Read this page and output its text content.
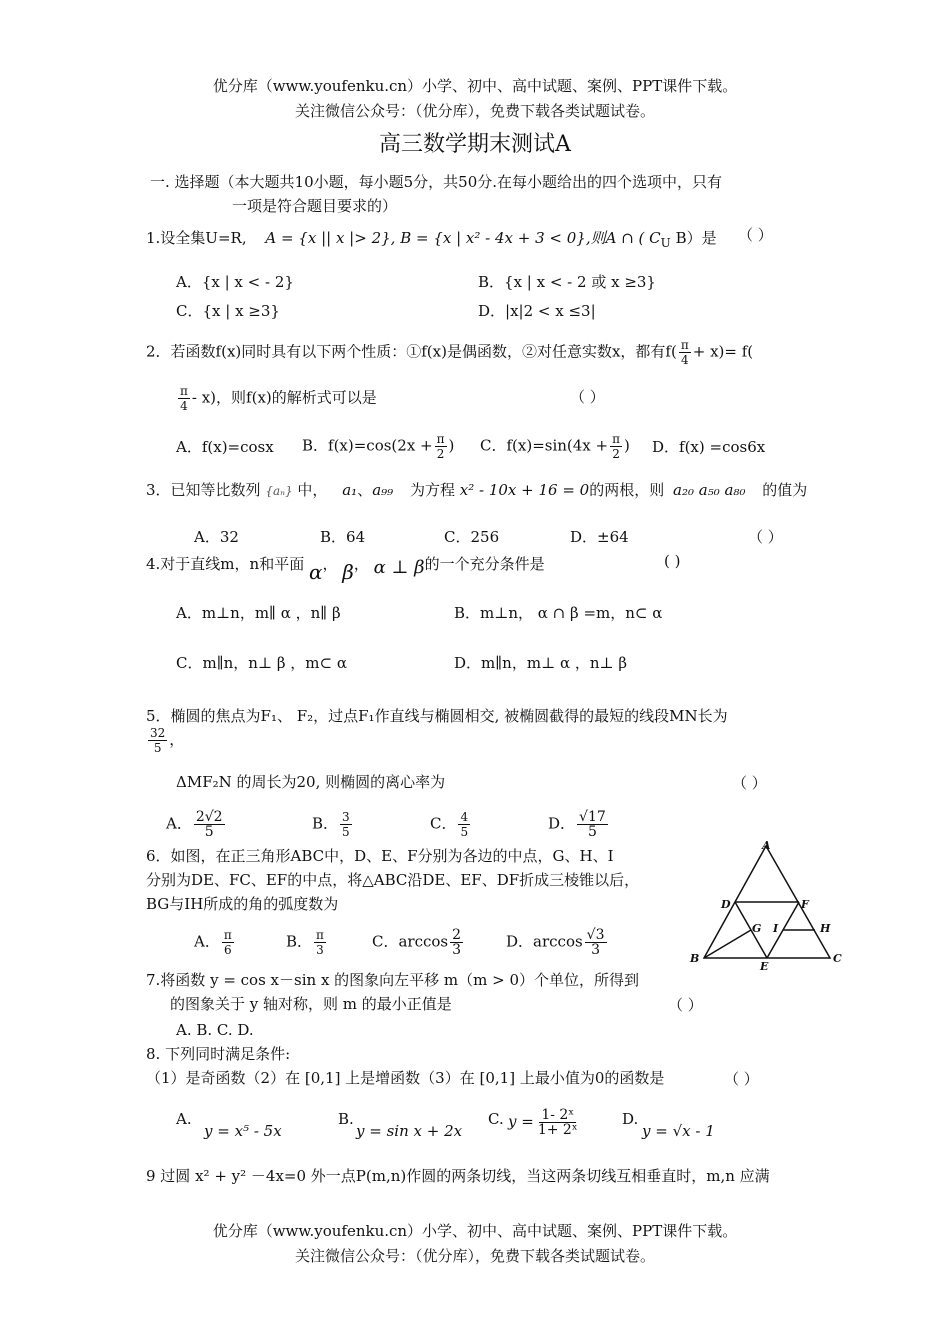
优分库（www.youfenku.cn）小学、初中、高中试题、案例、PPT课件下载。
关注微信公众号：（优分库），免费下载各类试题试卷。
高三数学期末测试A
一. 选择题（本大题共10小题，每小题5分，共50分.在每小题给出的四个选项中，只有
一项是符合题目要求的）
1.设全集U=R, A = {x || x |> 2}, B = {x | x² - 4x + 3 < 0},则A ∩ ( $C_U$ B）是 （ ）
A．{x | x < - 2}	B．{x | x < - 2 或 x ≥3}
C．{x | x ≥3}	D．|x|2 < x ≤3|
2．若函数f(x)同时具有以下两个性质：①f(x)是偶函数，②对任意实数x，都有$f( \frac{\pi}{4} + x)= f$(
$\frac{\pi}{4} - x$)，则f(x)的解析式可以是	（ ）
A．f(x)=cosx B．$f(x)=\cos(2x + \frac{\pi}{2}$ ) C．$f(x)=\sin(4x + \frac{\pi}{2}$ ) D．f(x) =cos6x
3．已知等比数列 {aₙ} 中， a₁、a₉₉ 为方程 x² - 10x + 16 = 0的两根，则 a₂₀ a₅₀ a₈₀ 的值为
A．32	B．64	C．256	D．±64	（ ）
4.对于直线m，n和平面 α， β， α ⊥ β的一个充分条件是	( )
A．m⊥n，m∥ α ，n∥ β	B．m⊥n， α ∩ β =m，n⊂ α
C．m∥n，n⊥ β ，m⊂ α	D．m∥n，m⊥ α ，n⊥ β
5．椭圆的焦点为F₁、 F₂，过点F₁作直线与椭圆相交, 被椭圆截得的最短的线段MN长为
$\frac{32}{5}$ ，
ΔMF₂N 的周长为20, 则椭圆的离心率为	（ ）
A． $\frac{2√2}{5}$	B． $\frac{3}{5}$	C． $\frac{4}{5}$	D． $\frac{√17}{5}$
6．如图，在正三角形ABC中，D、E、F分别为各边的中点，G、H、I
分别为DE、FC、EF的中点，将△ABC沿DE、EF、DF折成三棱锥以后，
BG与IH所成的角的弧度数为
A． $\frac{\pi}{6}$	B． $\frac{\pi}{3}$	C．$\arccos \frac{2}{3}$	D．$\arccos \frac{√3}{3}$
A
D	F
G I	H
B
E
C
7.将函数 y = cos x－sin x 的图象向左平移 m（m > 0）个单位，所得到
的图象关于 y 轴对称，则 m 的最小正值是	（ ）
A. B. C. D.
8. 下列同时满足条件:
（1）是奇函数（2）在 [0,1] 上是增函数（3）在 [0,1] 上最小值为0的函数是	（ ）
A.
y = x⁵ - 5x
B.
y = sin x + 2x
C. $y = \frac{\text{1- 2ˣ}}{\text{1+ 2ˣ}}$	D.
y = √x - 1
9 过圆 x² + y² －4x=0 外一点P(m,n)作圆的两条切线，当这两条切线互相垂直时，m,n 应满
优分库（www.youfenku.cn）小学、初中、高中试题、案例、PPT课件下载。
关注微信公众号：（优分库），免费下载各类试题试卷。
